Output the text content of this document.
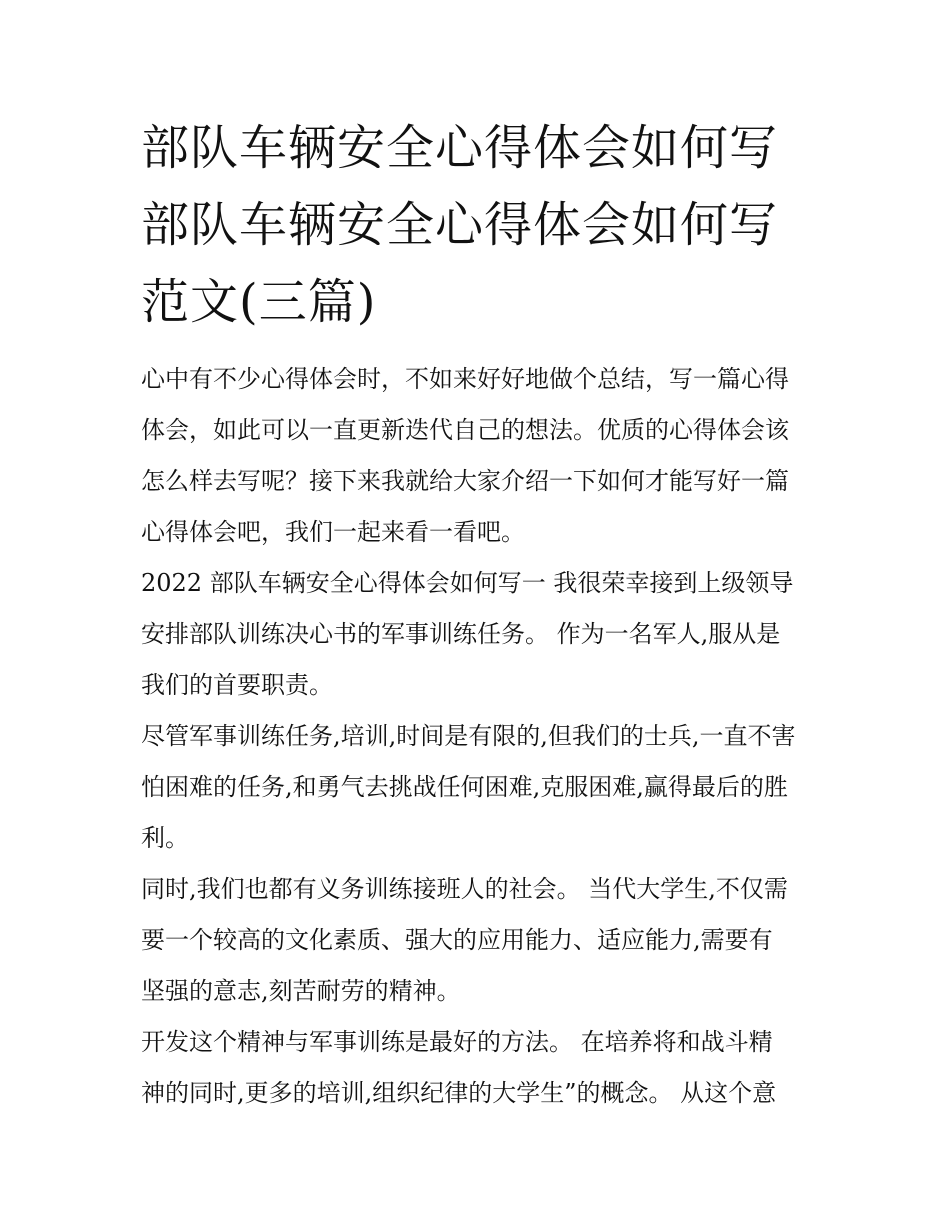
部队车辆安全心得体会如何写
部队车辆安全心得体会如何写
范文(三篇)

心中有不少心得体会时，不如来好好地做个总结，写一篇心得
体会，如此可以一直更新迭代自己的想法。优质的心得体会该
怎么样去写呢？接下来我就给大家介绍一下如何才能写好一篇
心得体会吧，我们一起来看一看吧。

2022 部队车辆安全心得体会如何写一 我很荣幸接到上级领导
安排部队训练决心书的军事训练任务。 作为一名军人,服从是
我们的首要职责。

尽管军事训练任务,培训,时间是有限的,但我们的士兵,一直不害
怕困难的任务,和勇气去挑战任何困难,克服困难,赢得最后的胜
利。

同时,我们也都有义务训练接班人的社会。 当代大学生,不仅需
要一个较高的文化素质、强大的应用能力、适应能力,需要有
坚强的意志,刻苦耐劳的精神。

开发这个精神与军事训练是最好的方法。 在培养将和战斗精
神的同时,更多的培训,组织纪律的大学生”的概念。 从这个意
